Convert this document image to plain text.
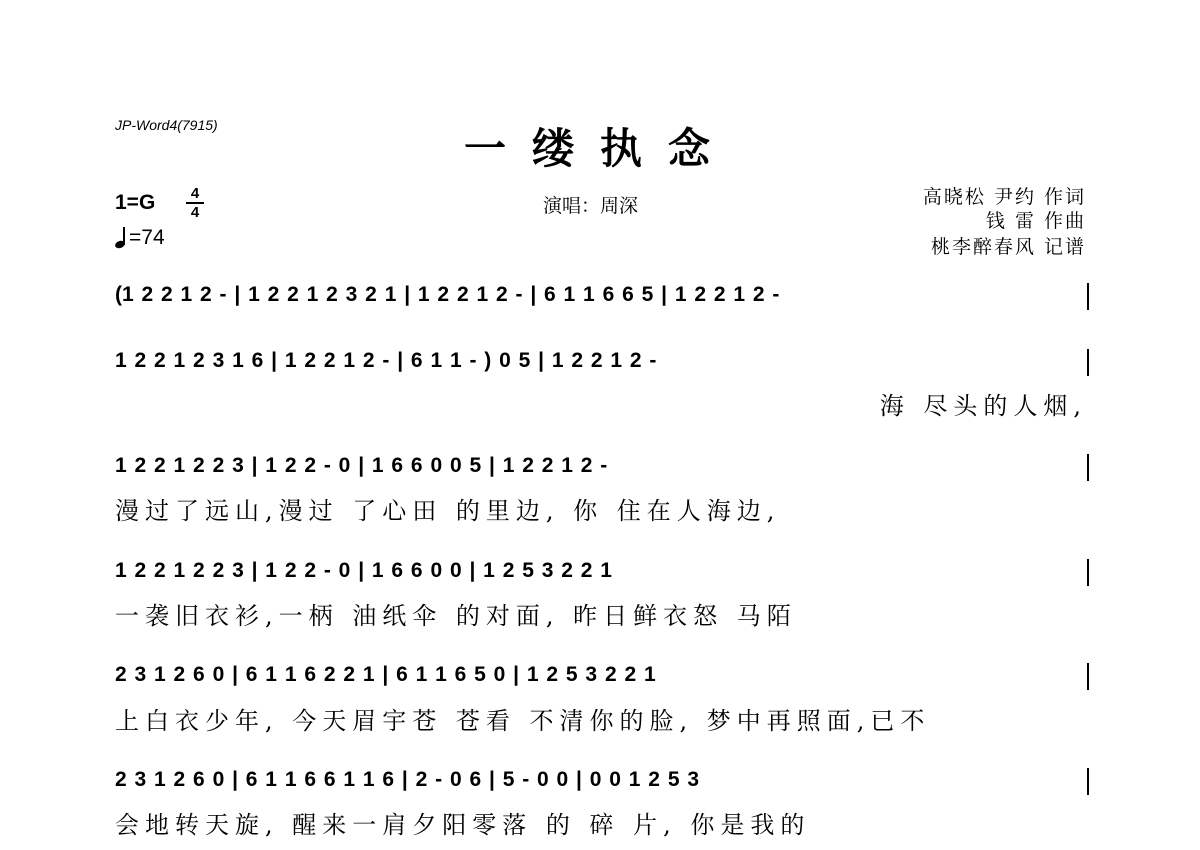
JP-Word4(7915)	一缕执念
1=G	4
4
=74
演唱：周深	高晓松 尹约 作词
钱 雷 作曲
桃李醉春风 记谱
(1 2 2 1 2 - | 1 2 2 1 2 3 2 1 | 1 2 2 1 2 - | 6 1 1 6 6 5 | 1 2 2 1 2 -
1 2 2 1 2 3 1 6 | 1 2 2 1 2 - | 6 1 1 - ) 0 5 | 1 2 2 1 2 -
海 尽头的人烟,
1 2 2 1 2 2 3 | 1 2 2 - 0 | 1 6 6 0 0 5 | 1 2 2 1 2 -
漫过了远山,漫过 了心田 的里边, 你 住在人海边,
1 2 2 1 2 2 3 | 1 2 2 - 0 | 1 6 6 0 0 | 1 2 5 3 2 2 1
一袭旧衣衫,一柄 油纸伞 的对面, 昨日鲜衣怒 马陌
2 3 1 2 6 0 | 6 1 1 6 2 2 1 | 6 1 1 6 5 0 | 1 2 5 3 2 2 1
上白衣少年, 今天眉宇苍 苍看 不清你的脸, 梦中再照面,已不
2 3 1 2 6 0 | 6 1 1 6 6 1 1 6 | 2 - 0 6 | 5 - 0 0 | 0 0 1 2 5 3
会地转天旋, 醒来一肩夕阳零落 的 碎 片, 你是我的
